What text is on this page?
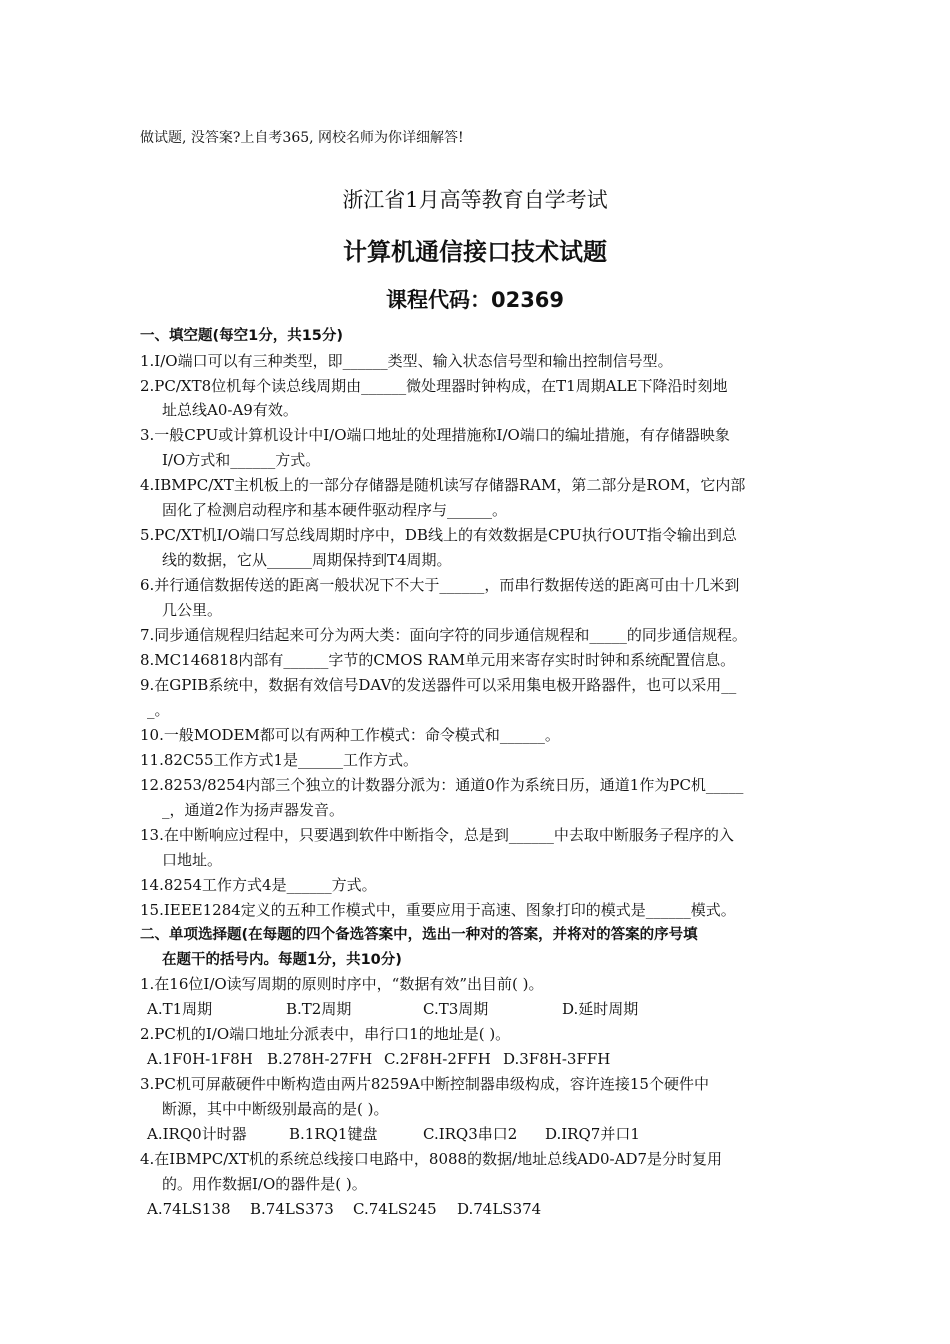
做试题, 没答案?上自考365, 网校名师为你详细解答!
浙江省1月高等教育自学考试
计算机通信接口技术试题
课程代码：02369
一、填空题(每空1分，共15分)
1.I/O端口可以有三种类型，即______类型、输入状态信号型和输出控制信号型。
2.PC/XT8位机每个读总线周期由______微处理器时钟构成，在T1周期ALE下降沿时刻地
址总线A0-A9有效。
3.一般CPU或计算机设计中I/O端口地址的处理措施称I/O端口的编址措施，有存储器映象
I/O方式和______方式。
4.IBMPC/XT主机板上的一部分存储器是随机读写存储器RAM，第二部分是ROM，它内部
固化了检测启动程序和基本硬件驱动程序与______。
5.PC/XT机I/O端口写总线周期时序中，DB线上的有效数据是CPU执行OUT指令输出到总
线的数据，它从______周期保持到T4周期。
6.并行通信数据传送的距离一般状况下不大于______，而串行数据传送的距离可由十几米到
几公里。
7.同步通信规程归结起来可分为两大类：面向字符的同步通信规程和_____的同步通信规程。
8.MC146818内部有______字节的CMOS RAM单元用来寄存实时时钟和系统配置信息。
9.在GPIB系统中，数据有效信号DAV的发送器件可以采用集电极开路器件，也可以采用__
_。
10.一般MODEM都可以有两种工作模式：命令模式和______。
11.82C55工作方式1是______工作方式。
12.8253/8254内部三个独立的计数器分派为：通道0作为系统日历，通道1作为PC机_____
_，通道2作为扬声器发音。
13.在中断响应过程中，只要遇到软件中断指令，总是到______中去取中断服务子程序的入
口地址。
14.8254工作方式4是______方式。
15.IEEE1284定义的五种工作模式中，重要应用于高速、图象打印的模式是______模式。
二、单项选择题(在每题的四个备选答案中，选出一种对的答案，并将对的答案的序号填
在题干的括号内。每题1分，共10分)
1.在16位I/O读写周期的原则时序中，“数据有效”出目前( )。
A.T1周期	B.T2周期	C.T3周期	D.延时周期
2.PC机的I/O端口地址分派表中，串行口1的地址是( )。
A.1F0H-1F8H B.278H-27FH C.2F8H-2FFH D.3F8H-3FFH
3.PC机可屏蔽硬件中断构造由两片8259A中断控制器串级构成，容许连接15个硬件中
断源，其中中断级别最高的是( )。
A.IRQ0计时器	B.1RQ1键盘	C.IRQ3串口2 D.IRQ7并口1
4.在IBMPC/XT机的系统总线接口电路中，8088的数据/地址总线AD0-AD7是分时复用
的。用作数据I/O的器件是( )。
A.74LS138 B.74LS373 C.74LS245 D.74LS374
